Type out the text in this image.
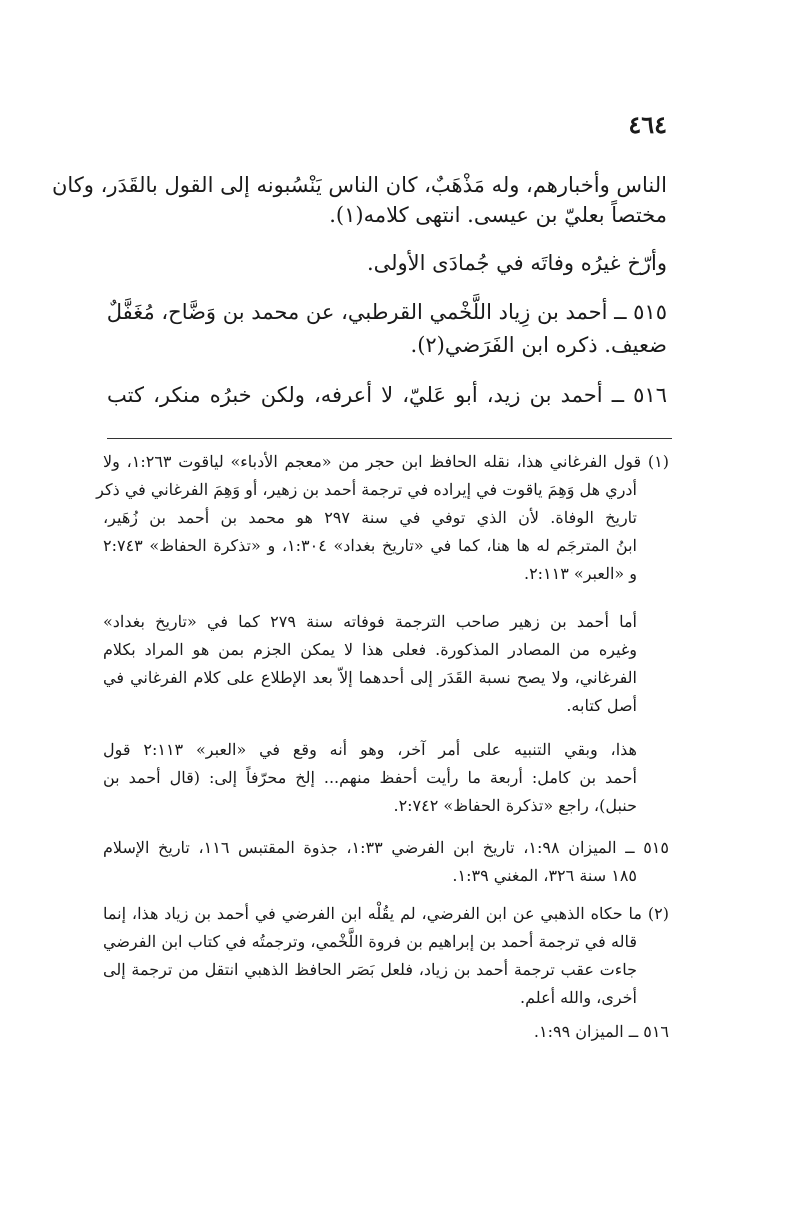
٤٦٤
الناس وأخبارهم، وله مَذْهَبٌ، كان الناس يَنْسُبونه إلى القول بالقَدَر، وكان
مختصاً بعليّ بن عيسى. انتهى كلامه(١).
وأرّخ غيرُه وفاتَه في جُمادَى الأولى.
٥١٥ ــ أحمد بن زِياد اللَّخْمي القرطبي، عن محمد بن وَضَّاح، مُغَفَّلٌ
ضعيف. ذكره ابن الفَرَضي(٢).
٥١٦ ــ أحمد بن زيد، أبو عَليّ، لا أعرفه، ولكن خبرُه منكر، كتب
(١) قول الفرغاني هذا، نقله الحافظ ابن حجر من «معجم الأدباء» لياقوت ١:٢٦٣، ولا
أدري هل وَهِمَ ياقوت في إيراده في ترجمة أحمد بن زهير، أو وَهِمَ الفرغاني في ذكر
تاريخ الوفاة. لأن الذي توفي في سنة ٢٩٧ هو محمد بن أحمد بن زُهَير،
ابنُ المترجَم له ها هنا، كما في «تاريخ بغداد» ١:٣٠٤، و «تذكرة الحفاظ» ٢:٧٤٣
و «العبر» ٢:١١٣.
أما أحمد بن زهير صاحب الترجمة فوفاته سنة ٢٧٩ كما في «تاريخ بغداد»
وغيره من المصادر المذكورة. فعلى هذا لا يمكن الجزم بمن هو المراد بكلام
الفرغاني، ولا يصح نسبة القَدَر إلى أحدهما إلاّ بعد الإطلاع على كلام الفرغاني في
أصل كتابه.
هذا، وبقي التنبيه على أمر آخر، وهو أنه وقع في «العبر» ٢:١١٣ قول
أحمد بن كامل: أربعة ما رأيت أحفظ منهم... إلخ محرّفاً إلى: (قال أحمد بن
حنبل)، راجع «تذكرة الحفاظ» ٢:٧٤٢.
٥١٥ ــ الميزان ١:٩٨، تاريخ ابن الفرضي ١:٣٣، جذوة المقتبس ١١٦، تاريخ الإسلام
١٨٥ سنة ٣٢٦، المغني ١:٣٩.
(٢) ما حكاه الذهبي عن ابن الفرضي، لم يقُلْه ابن الفرضي في أحمد بن زياد هذا، إنما
قاله في ترجمة أحمد بن إبراهيم بن فروة اللَّخْمي، وترجمتُه في كتاب ابن الفرضي
جاءت عقب ترجمة أحمد بن زياد، فلعل بَصَر الحافظ الذهبي انتقل من ترجمة إلى
أخرى، والله أعلم.
٥١٦ ــ الميزان ١:٩٩.
